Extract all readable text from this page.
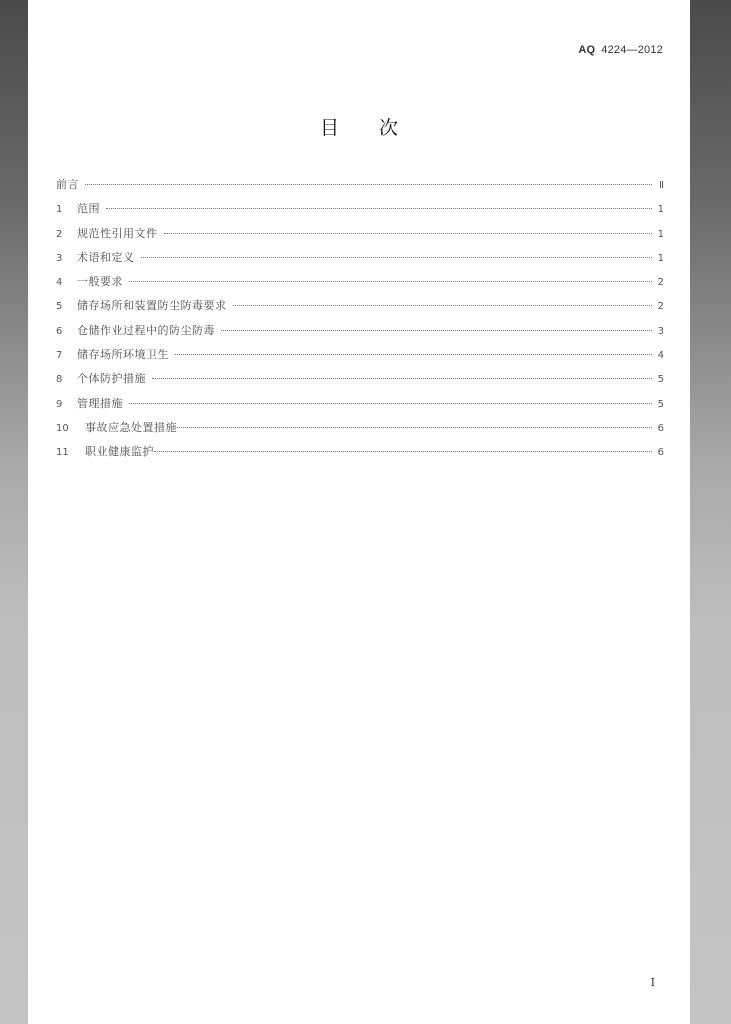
AQ 4224—2012
目次
前言	Ⅱ
1	范围	1
2	规范性引用文件	1
3	术语和定义	1
4	一般要求	2
5	储存场所和装置防尘防毒要求	2
6	仓储作业过程中的防尘防毒	3
7	储存场所环境卫生	4
8	个体防护措施	5
9	管理措施	5
10	事故应急处置措施	6
11	职业健康监护	6
I
